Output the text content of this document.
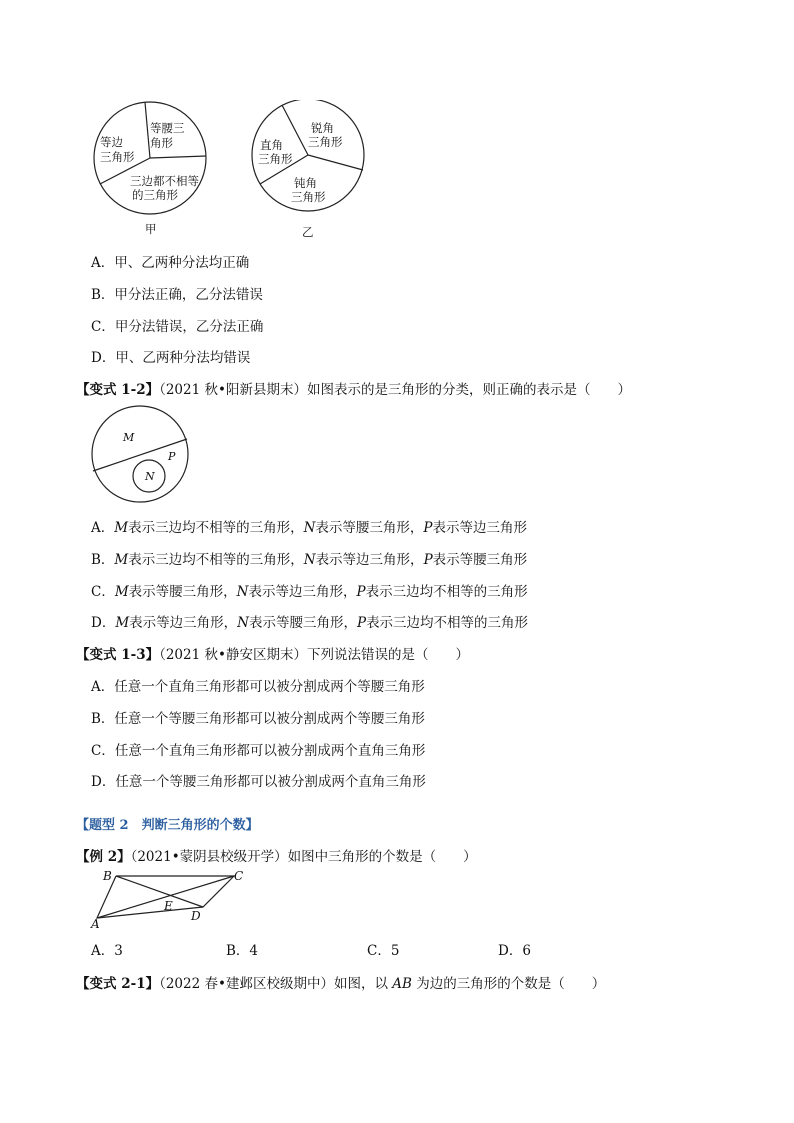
等边
三角形
等腰三
角形
三边都不相等
的三角形
甲
直角
三角形
锐角
三角形
钝角
三角形
乙
A．甲、乙两种分法均正确
B．甲分法正确，乙分法错误
C．甲分法错误，乙分法正确
D．甲、乙两种分法均错误
【变式 1-2】（2021 秋•阳新县期末）如图表示的是三角形的分类，则正确的表示是（　　）
M
N
P
A．M表示三边均不相等的三角形，N表示等腰三角形，P表示等边三角形
B．M表示三边均不相等的三角形，N表示等边三角形，P表示等腰三角形
C．M表示等腰三角形，N表示等边三角形，P表示三边均不相等的三角形
D．M表示等边三角形，N表示等腰三角形，P表示三边均不相等的三角形
【变式 1-3】（2021 秋•静安区期末）下列说法错误的是（　　）
A．任意一个直角三角形都可以被分割成两个等腰三角形
B．任意一个等腰三角形都可以被分割成两个等腰三角形
C．任意一个直角三角形都可以被分割成两个直角三角形
D．任意一个等腰三角形都可以被分割成两个直角三角形
【题型 2　判断三角形的个数】
【例 2】（2021•蒙阴县校级开学）如图中三角形的个数是（　　）
B	C
A
E
D
A．3	B．4	C．5	D．6
【变式 2-1】（2022 春•建邺区校级期中）如图，以 AB 为边的三角形的个数是（　　）
